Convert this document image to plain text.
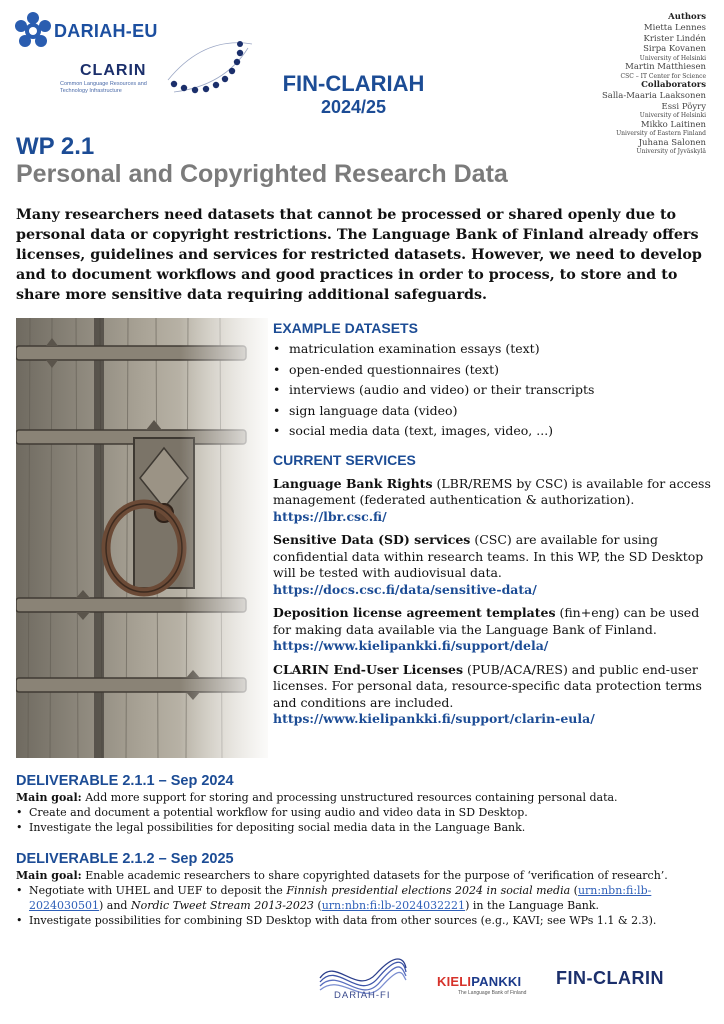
DARIAH-EU
CLARIN
Common Language Resources and Technology Infrastructure	FIN-CLARIAH
2024/25
Authors
Mietta Lennes
Krister Lindén
Sirpa Kovanen
University of Helsinki
Martin Matthiesen
CSC – IT Center for Science
Collaborators
Salla-Maaria Laaksonen
Essi Pöyry
University of Helsinki
Mikko Laitinen
University of Eastern Finland
Juhana Salonen
University of Jyväskylä
WP 2.1
Personal and Copyrighted Research Data
Many researchers need datasets that cannot be processed or shared openly due to personal data or copyright restrictions. The Language Bank of Finland already offers licenses, guidelines and services for restricted datasets. However, we need to develop and to document workflows and good practices in order to process, to store and to share more sensitive data requiring additional safeguards.
EXAMPLE DATASETS
• matriculation examination essays (text)
• open-ended questionnaires (text)
• interviews (audio and video) or their transcripts
• sign language data (video)
• social media data (text, images, video, ...)
CURRENT SERVICES
Language Bank Rights (LBR/REMS by CSC) is available for access management (federated authentication & authorization).
https://lbr.csc.fi/
Sensitive Data (SD) services (CSC) are available for using confidential data within research teams. In this WP, the SD Desktop will be tested with audiovisual data.
https://docs.csc.fi/data/sensitive-data/
Deposition license agreement templates (fin+eng) can be used for making data available via the Language Bank of Finland.
https://www.kielipankki.fi/support/dela/
CLARIN End-User Licenses (PUB/ACA/RES) and public end-user licenses. For personal data, resource-specific data protection terms and conditions are included.
https://www.kielipankki.fi/support/clarin-eula/
DELIVERABLE 2.1.1 – Sep 2024
Main goal: Add more support for storing and processing unstructured resources containing personal data.
• Create and document a potential workflow for using audio and video data in SD Desktop.
• Investigate the legal possibilities for depositing social media data in the Language Bank.
DELIVERABLE 2.1.2 – Sep 2025
Main goal: Enable academic researchers to share copyrighted datasets for the purpose of ‘verification of research’.
• Negotiate with UHEL and UEF to deposit the Finnish presidential elections 2024 in social media (urn:nbn:fi:lb-2024030501) and Nordic Tweet Stream 2013-2023 (urn:nbn:fi:lb-2024032221) in the Language Bank.
• Investigate possibilities for combining SD Desktop with data from other sources (e.g., KAVI; see WPs 1.1 & 2.3).
DARIAH-FI
KIELIPANKKI
The Language Bank of Finland
FIN-CLARIN
